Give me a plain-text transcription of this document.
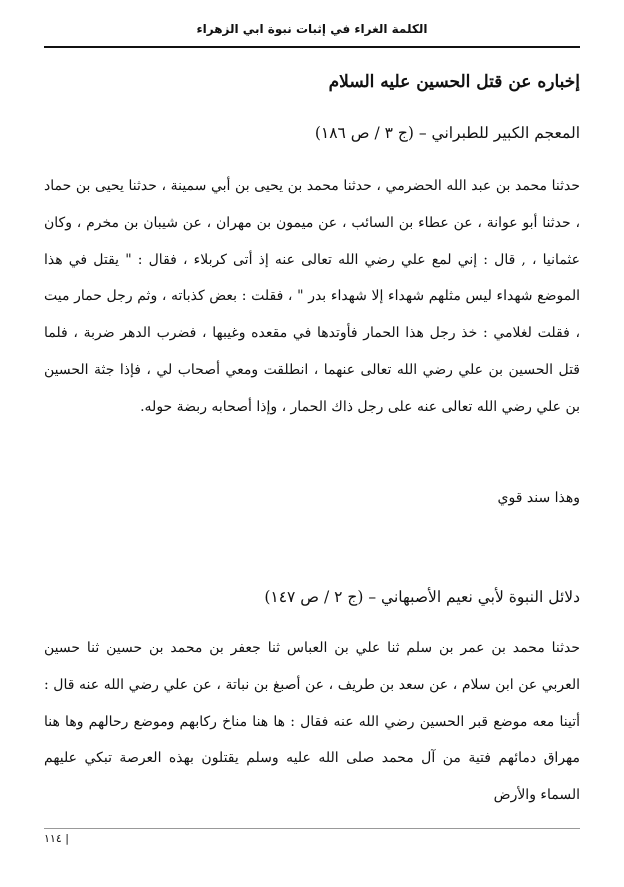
الكلمة الغراء في إثبات نبوة ابي الزهراء
إخباره عن قتل الحسين عليه السلام
المعجم الكبير للطبراني – (ج ٣ / ص ١٨٦)
حدثنا محمد بن عبد الله الحضرمي ، حدثنا محمد بن يحيى بن أبي سمينة ، حدثنا يحيى بن حماد ، حدثنا أبو عوانة ، عن عطاء بن السائب ، عن ميمون بن مهران ، عن شيبان بن مخرم ، وكان عثمانيا ، , قال : إني لمع علي رضي الله تعالى عنه إذ أتى كربلاء ، فقال : " يقتل في هذا الموضع شهداء ليس مثلهم شهداء إلا شهداء بدر " ، فقلت : بعض كذباته ، وثم رجل حمار ميت ، فقلت لغلامي : خذ رجل هذا الحمار فأوتدها في مقعده وغيبها ، فضرب الدهر ضربة ، فلما قتل الحسين بن علي رضي الله تعالى عنهما ، انطلقت ومعي أصحاب لي ، فإذا جثة الحسين بن علي رضي الله تعالى عنه على رجل ذاك الحمار ، وإذا أصحابه ربضة حوله.
وهذا سند قوي
دلائل النبوة لأبي نعيم الأصبهاني – (ج ٢ / ص ١٤٧)
حدثنا محمد بن عمر بن سلم ثنا علي بن العباس ثنا جعفر بن محمد بن حسين ثنا حسين العربي عن ابن سلام ، عن سعد بن طريف ، عن أصبغ بن نباتة ، عن علي رضي الله عنه قال : أتينا معه موضع قبر الحسين رضي الله عنه فقال : ها هنا مناخ ركابهم وموضع رحالهم وها هنا مهراق دمائهم فتية من آل محمد صلى الله عليه وسلم يقتلون بهذه العرصة تبكي عليهم السماء والأرض
١١٤ |
